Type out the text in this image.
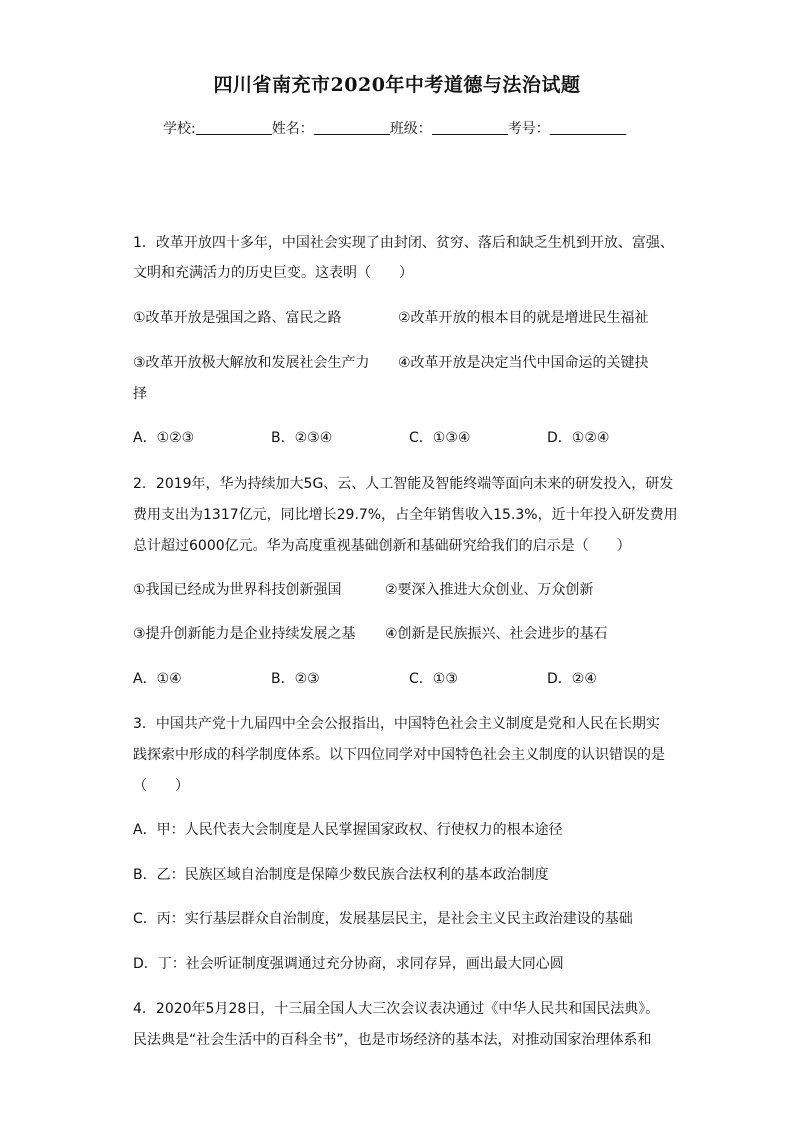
四川省南充市2020年中考道德与法治试题
学校:	姓名：	班级：	考号：
1．改革开放四十多年，中国社会实现了由封闭、贫穷、落后和缺乏生机到开放、富强、
文明和充满活力的历史巨变。这表明（　　）
①改革开放是强国之路、富民之路	②改革开放的根本目的就是增进民生福祉
③改革开放极大解放和发展社会生产力 ④改革开放是决定当代中国命运的关键抉
择
A．①②③	B．②③④	C．①③④	D．①②④
2．2019年，华为持续加大5G、云、人工智能及智能终端等面向未来的研发投入，研发
费用支出为1317亿元，同比增长29.7%，占全年销售收入15.3%，近十年投入研发费用
总计超过6000亿元。华为高度重视基础创新和基础研究给我们的启示是（　　）
①我国已经成为世界科技创新强国	②要深入推进大众创业、万众创新
③提升创新能力是企业持续发展之基 ④创新是民族振兴、社会进步的基石
A．①④	B．②③	C．①③	D．②④
3．中国共产党十九届四中全会公报指出，中国特色社会主义制度是党和人民在长期实
践探索中形成的科学制度体系。以下四位同学对中国特色社会主义制度的认识错误的是
（　　）
A．甲：人民代表大会制度是人民掌握国家政权、行使权力的根本途径
B．乙：民族区域自治制度是保障少数民族合法权利的基本政治制度
C．丙：实行基层群众自治制度，发展基层民主，是社会主义民主政治建设的基础
D．丁：社会听证制度强调通过充分协商，求同存异，画出最大同心圆
4．2020年5月28日，十三届全国人大三次会议表决通过《中华人民共和国民法典》。
民法典是“社会生活中的百科全书”，也是市场经济的基本法，对推动国家治理体系和
